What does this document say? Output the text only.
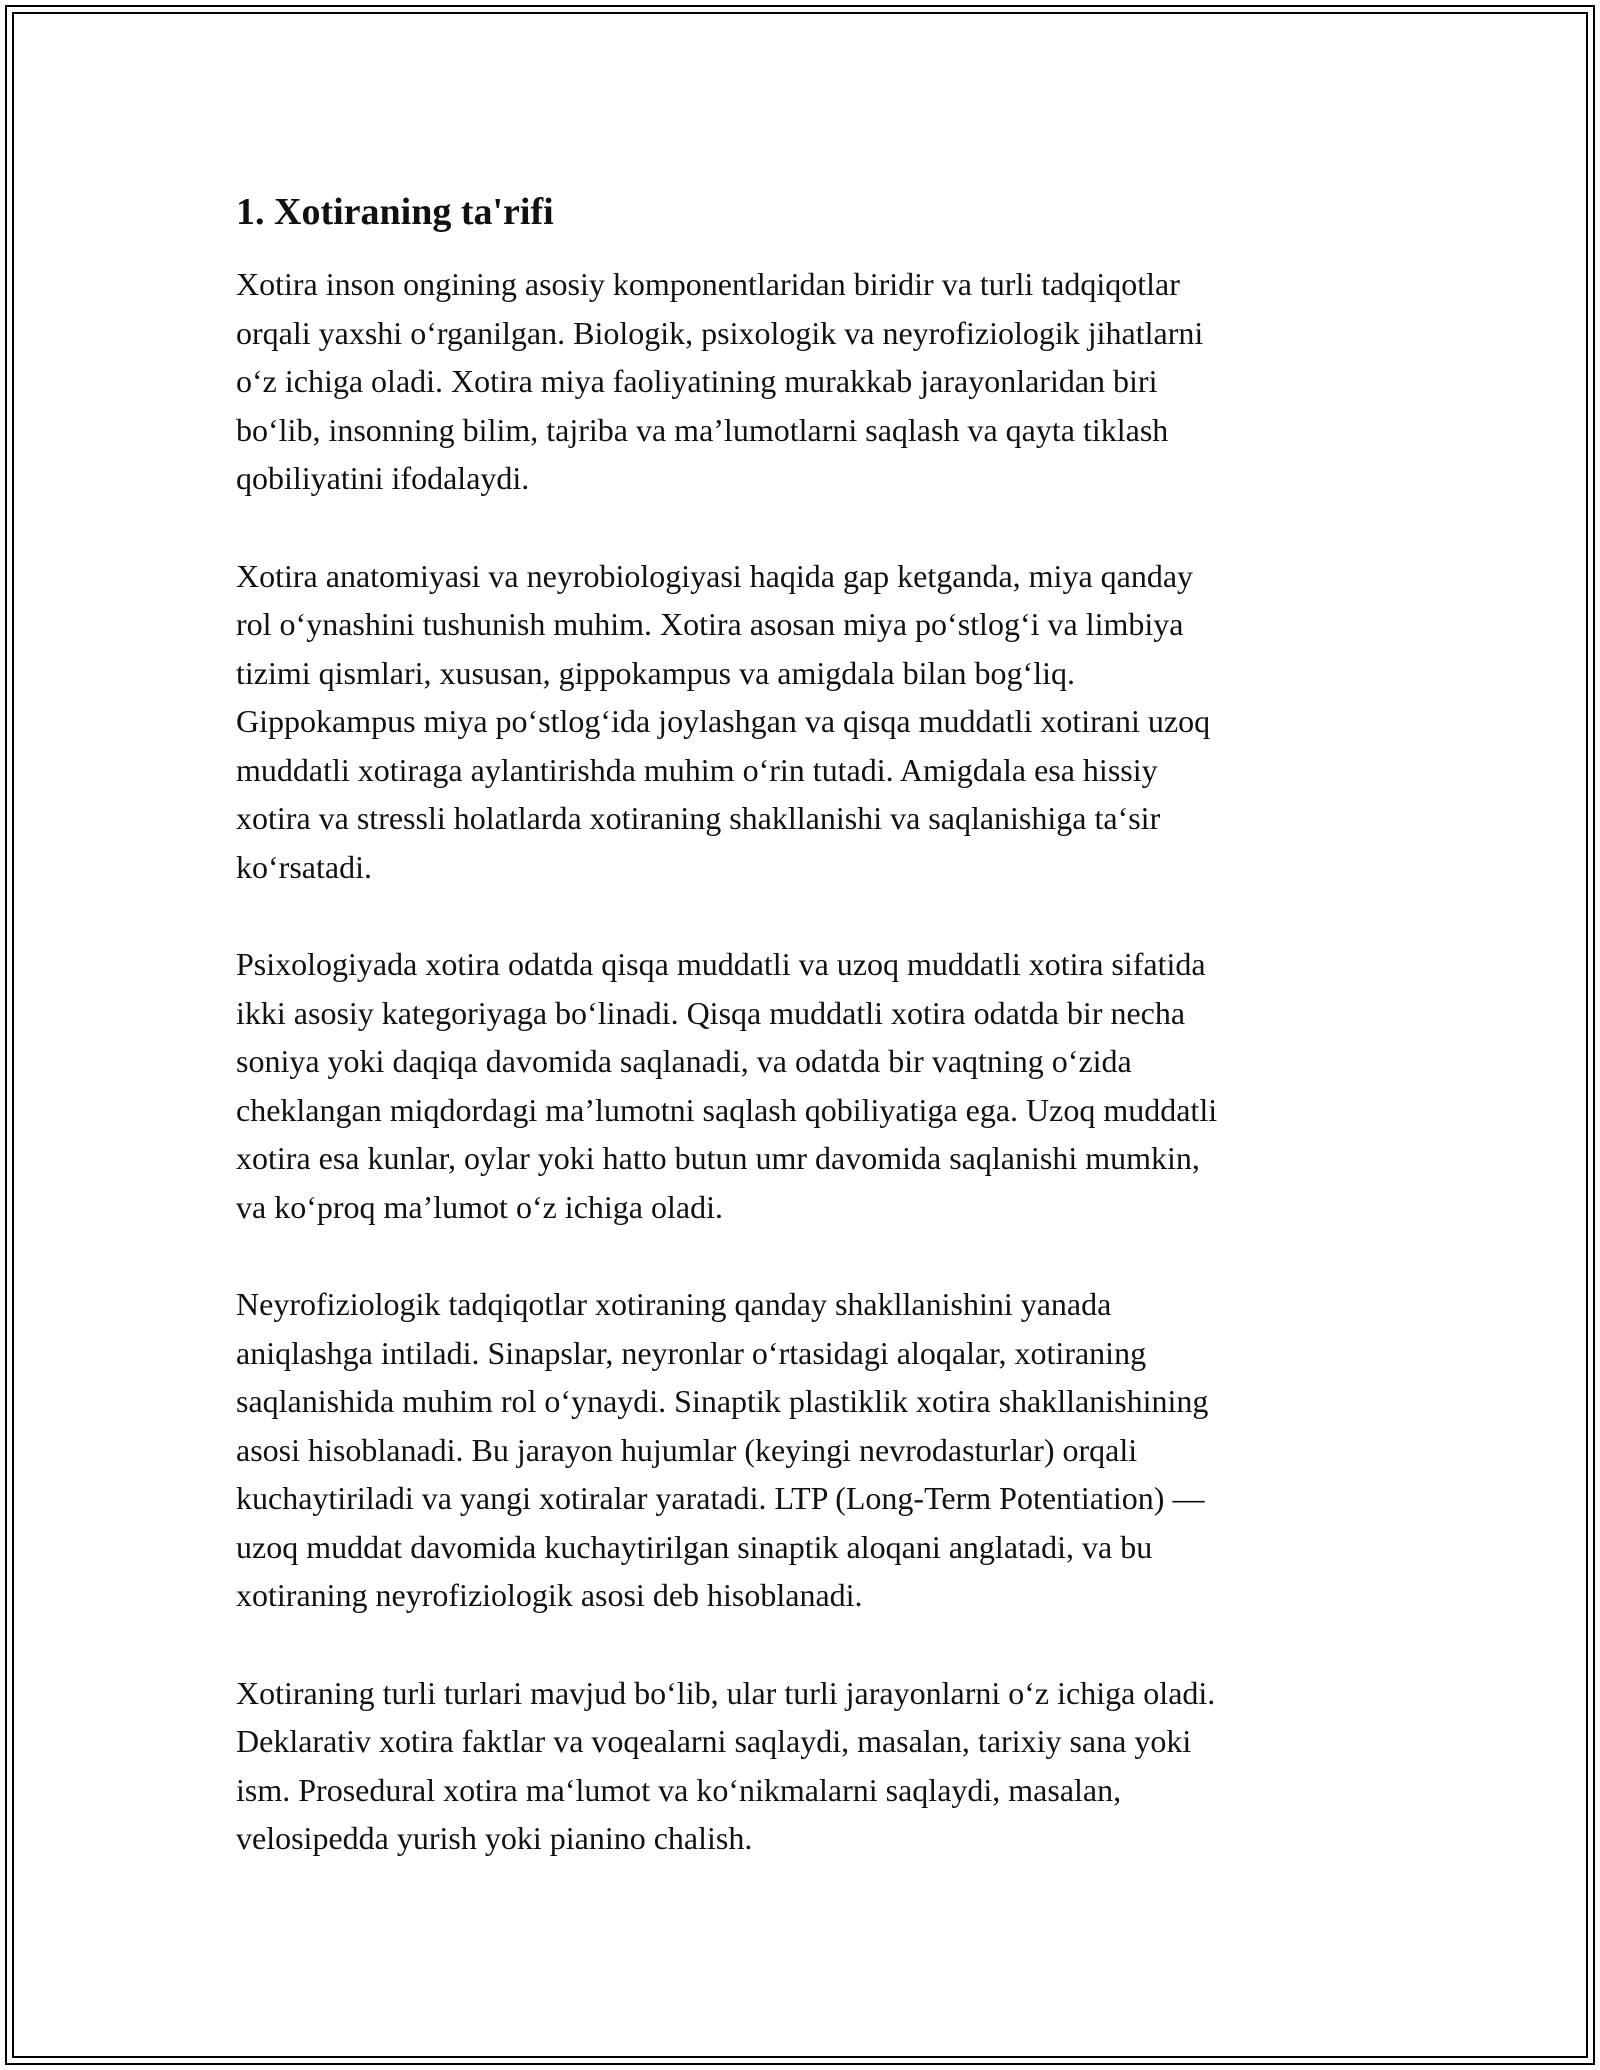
1. Xotiraning ta'rifi

Xotira inson ongining asosiy komponentlaridan biridir va turli tadqiqotlar
orqali yaxshi o‘rganilgan. Biologik, psixologik va neyrofiziologik jihatlarni
o‘z ichiga oladi. Xotira miya faoliyatining murakkab jarayonlaridan biri
bo‘lib, insonning bilim, tajriba va ma’lumotlarni saqlash va qayta tiklash
qobiliyatini ifodalaydi.

Xotira anatomiyasi va neyrobiologiyasi haqida gap ketganda, miya qanday
rol o‘ynashini tushunish muhim. Xotira asosan miya po‘stlog‘i va limbiya
tizimi qismlari, xususan, gippokampus va amigdala bilan bog‘liq.
Gippokampus miya po‘stlog‘ida joylashgan va qisqa muddatli xotirani uzoq
muddatli xotiraga aylantirishda muhim o‘rin tutadi. Amigdala esa hissiy
xotira va stressli holatlarda xotiraning shakllanishi va saqlanishiga ta‘sir
ko‘rsatadi.

Psixologiyada xotira odatda qisqa muddatli va uzoq muddatli xotira sifatida
ikki asosiy kategoriyaga bo‘linadi. Qisqa muddatli xotira odatda bir necha
soniya yoki daqiqa davomida saqlanadi, va odatda bir vaqtning o‘zida
cheklangan miqdordagi ma’lumotni saqlash qobiliyatiga ega. Uzoq muddatli
xotira esa kunlar, oylar yoki hatto butun umr davomida saqlanishi mumkin,
va ko‘proq ma’lumot o‘z ichiga oladi.

Neyrofiziologik tadqiqotlar xotiraning qanday shakllanishini yanada
aniqlashga intiladi. Sinapslar, neyronlar o‘rtasidagi aloqalar, xotiraning
saqlanishida muhim rol o‘ynaydi. Sinaptik plastiklik xotira shakllanishining
asosi hisoblanadi. Bu jarayon hujumlar (keyingi nevrodasturlar) orqali
kuchaytiriladi va yangi xotiralar yaratadi. LTP (Long-Term Potentiation) —
uzoq muddat davomida kuchaytirilgan sinaptik aloqani anglatadi, va bu
xotiraning neyrofiziologik asosi deb hisoblanadi.

Xotiraning turli turlari mavjud bo‘lib, ular turli jarayonlarni o‘z ichiga oladi.
Deklarativ xotira faktlar va voqealarni saqlaydi, masalan, tarixiy sana yoki
ism. Prosedural xotira ma‘lumot va ko‘nikmalarni saqlaydi, masalan,
velosipedda yurish yoki pianino chalish.
